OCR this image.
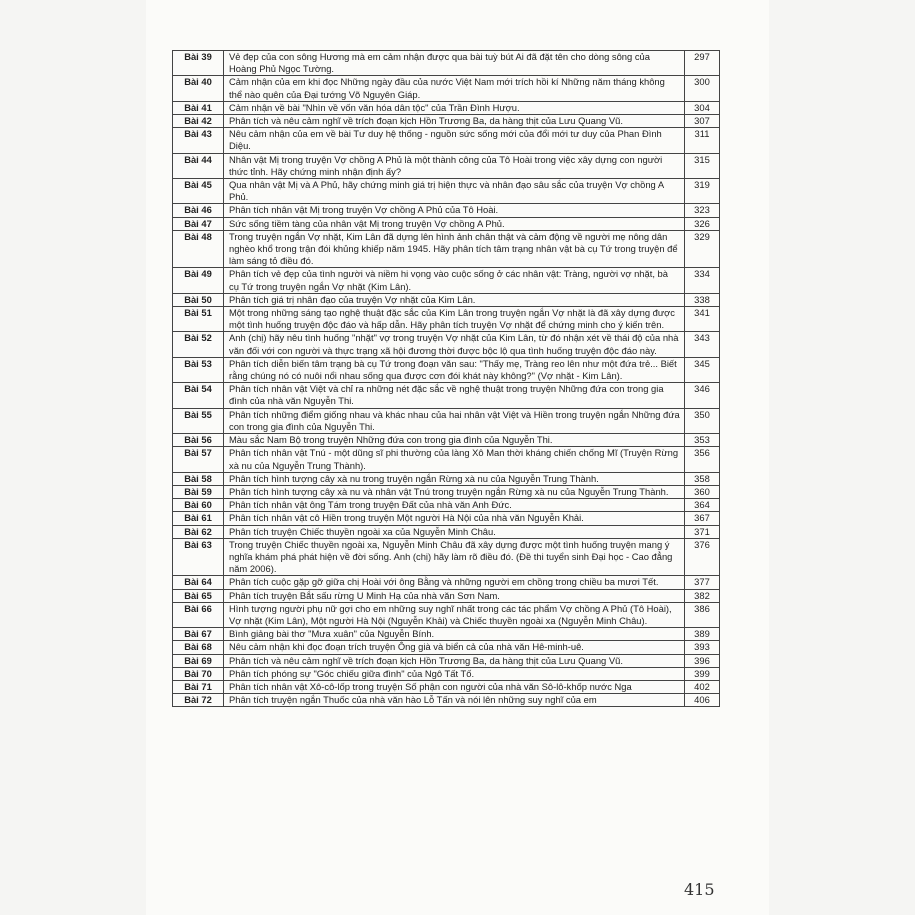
Bài 39	Vẻ đẹp của con sông Hương mà em cảm nhận được qua bài tuỳ bút Ai đã đặt tên cho dòng sông của Hoàng Phủ Ngọc Tường.	297
Bài 40	Cảm nhận của em khi đọc Những ngày đầu của nước Việt Nam mới trích hồi kí Những năm tháng không thể nào quên của Đại tướng Võ Nguyên Giáp.	300
Bài 41	Cảm nhận về bài "Nhìn về vốn văn hóa dân tộc" của Trần Đình Hượu.	304
Bài 42	Phân tích và nêu cảm nghĩ về trích đoạn kịch Hồn Trương Ba, da hàng thịt của Lưu Quang Vũ.	307
Bài 43	Nêu cảm nhận của em về bài Tư duy hệ thống - nguồn sức sống mới của đổi mới tư duy của Phan Đình Diệu.	311
Bài 44	Nhân vật Mị trong truyện Vợ chồng A Phủ là một thành công của Tô Hoài trong việc xây dựng con người thức tỉnh. Hãy chứng minh nhận định ấy?	315
Bài 45	Qua nhân vật Mị và A Phủ, hãy chứng minh giá trị hiện thực và nhân đạo sâu sắc của truyện Vợ chồng A Phủ.	319
Bài 46	Phân tích nhân vật Mị trong truyện Vợ chồng A Phủ của Tô Hoài.	323
Bài 47	Sức sống tiềm tàng của nhân vật Mị trong truyện Vợ chồng A Phủ.	326
Bài 48	Trong truyện ngắn Vợ nhặt, Kim Lân đã dựng lên hình ảnh chân thật và cảm động về người mẹ nông dân nghèo khổ trong trận đói khủng khiếp năm 1945. Hãy phân tích tâm trạng nhân vật bà cụ Tứ trong truyện để làm sáng tỏ điều đó.	329
Bài 49	Phân tích vẻ đẹp của tình người và niềm hi vọng vào cuộc sống ở các nhân vật: Tràng, người vợ nhặt, bà cụ Tứ trong truyện ngắn Vợ nhặt (Kim Lân).	334
Bài 50	Phân tích giá trị nhân đạo của truyện Vợ nhặt của Kim Lân.	338
Bài 51	Một trong những sáng tạo nghệ thuật đặc sắc của Kim Lân trong truyện ngắn Vợ nhặt là đã xây dựng được một tình huống truyện độc đáo và hấp dẫn. Hãy phân tích truyện Vợ nhặt để chứng minh cho ý kiến trên.	341
Bài 52	Anh (chị) hãy nêu tình huống "nhặt" vợ trong truyện Vợ nhặt của Kim Lân, từ đó nhận xét về thái độ của nhà văn đối với con người và thực trạng xã hội đương thời được bộc lộ qua tình huống truyện độc đáo này.	343
Bài 53	Phân tích diễn biến tâm trạng bà cụ Tứ trong đoạn văn sau: "Thấy mẹ, Tràng reo lên như một đứa trẻ... Biết rằng chúng nó có nuôi nổi nhau sống qua được cơn đói khát này không?" (Vợ nhặt - Kim Lân).	345
Bài 54	Phân tích nhân vật Việt và chỉ ra những nét đặc sắc về nghệ thuật trong truyện Những đứa con trong gia đình của nhà văn Nguyễn Thi.	346
Bài 55	Phân tích những điểm giống nhau và khác nhau của hai nhân vật Việt và Hiền trong truyện ngắn Những đứa con trong gia đình của Nguyễn Thi.	350
Bài 56	Màu sắc Nam Bộ trong truyện Những đứa con trong gia đình của Nguyễn Thi.	353
Bài 57	Phân tích nhân vật Tnú - một dũng sĩ phi thường của làng Xô Man thời kháng chiến chống Mĩ (Truyện Rừng xà nu của Nguyễn Trung Thành).	356
Bài 58	Phân tích hình tượng cây xà nu trong truyện ngắn Rừng xà nu của Nguyễn Trung Thành.	358
Bài 59	Phân tích hình tượng cây xà nu và nhân vật Tnú trong truyện ngắn Rừng xà nu của Nguyễn Trung Thành.	360
Bài 60	Phân tích nhân vật ông Tám trong truyện Đất của nhà văn Anh Đức.	364
Bài 61	Phân tích nhân vật cô Hiền trong truyện Một người Hà Nội của nhà văn Nguyễn Khải.	367
Bài 62	Phân tích truyện Chiếc thuyền ngoài xa của Nguyễn Minh Châu.	371
Bài 63	Trong truyện Chiếc thuyền ngoài xa, Nguyễn Minh Châu đã xây dựng được một tình huống truyện mang ý nghĩa khám phá phát hiện về đời sống. Anh (chị) hãy làm rõ điều đó. (Đề thi tuyển sinh Đại học - Cao đẳng năm 2006).	376
Bài 64	Phân tích cuộc gặp gỡ giữa chị Hoài với ông Bằng và những người em chồng trong chiều ba mươi Tết.	377
Bài 65	Phân tích truyện Bắt sấu rừng U Minh Hạ của nhà văn Sơn Nam.	382
Bài 66	Hình tượng người phụ nữ gợi cho em những suy nghĩ nhất trong các tác phẩm Vợ chồng A Phủ (Tô Hoài), Vợ nhặt (Kim Lân), Một người Hà Nội (Nguyễn Khải) và Chiếc thuyền ngoài xa (Nguyễn Minh Châu).	386
Bài 67	Bình giảng bài thơ "Mưa xuân" của Nguyễn Bính.	389
Bài 68	Nêu cảm nhận khi đọc đoạn trích truyện Ông già và biển cả của nhà văn Hê-minh-uê.	393
Bài 69	Phân tích và nêu cảm nghĩ về trích đoạn kịch Hồn Trương Ba, da hàng thịt của Lưu Quang Vũ.	396
Bài 70	Phân tích phóng sự "Góc chiếu giữa đình" của Ngô Tất Tố.	399
Bài 71	Phân tích nhân vật Xô-cô-lốp trong truyện Số phận con người của nhà văn Sô-lô-khốp nước Nga	402
Bài 72	Phân tích truyện ngắn Thuốc của nhà văn hào Lỗ Tấn và nói lên những suy nghĩ của em	406
415
